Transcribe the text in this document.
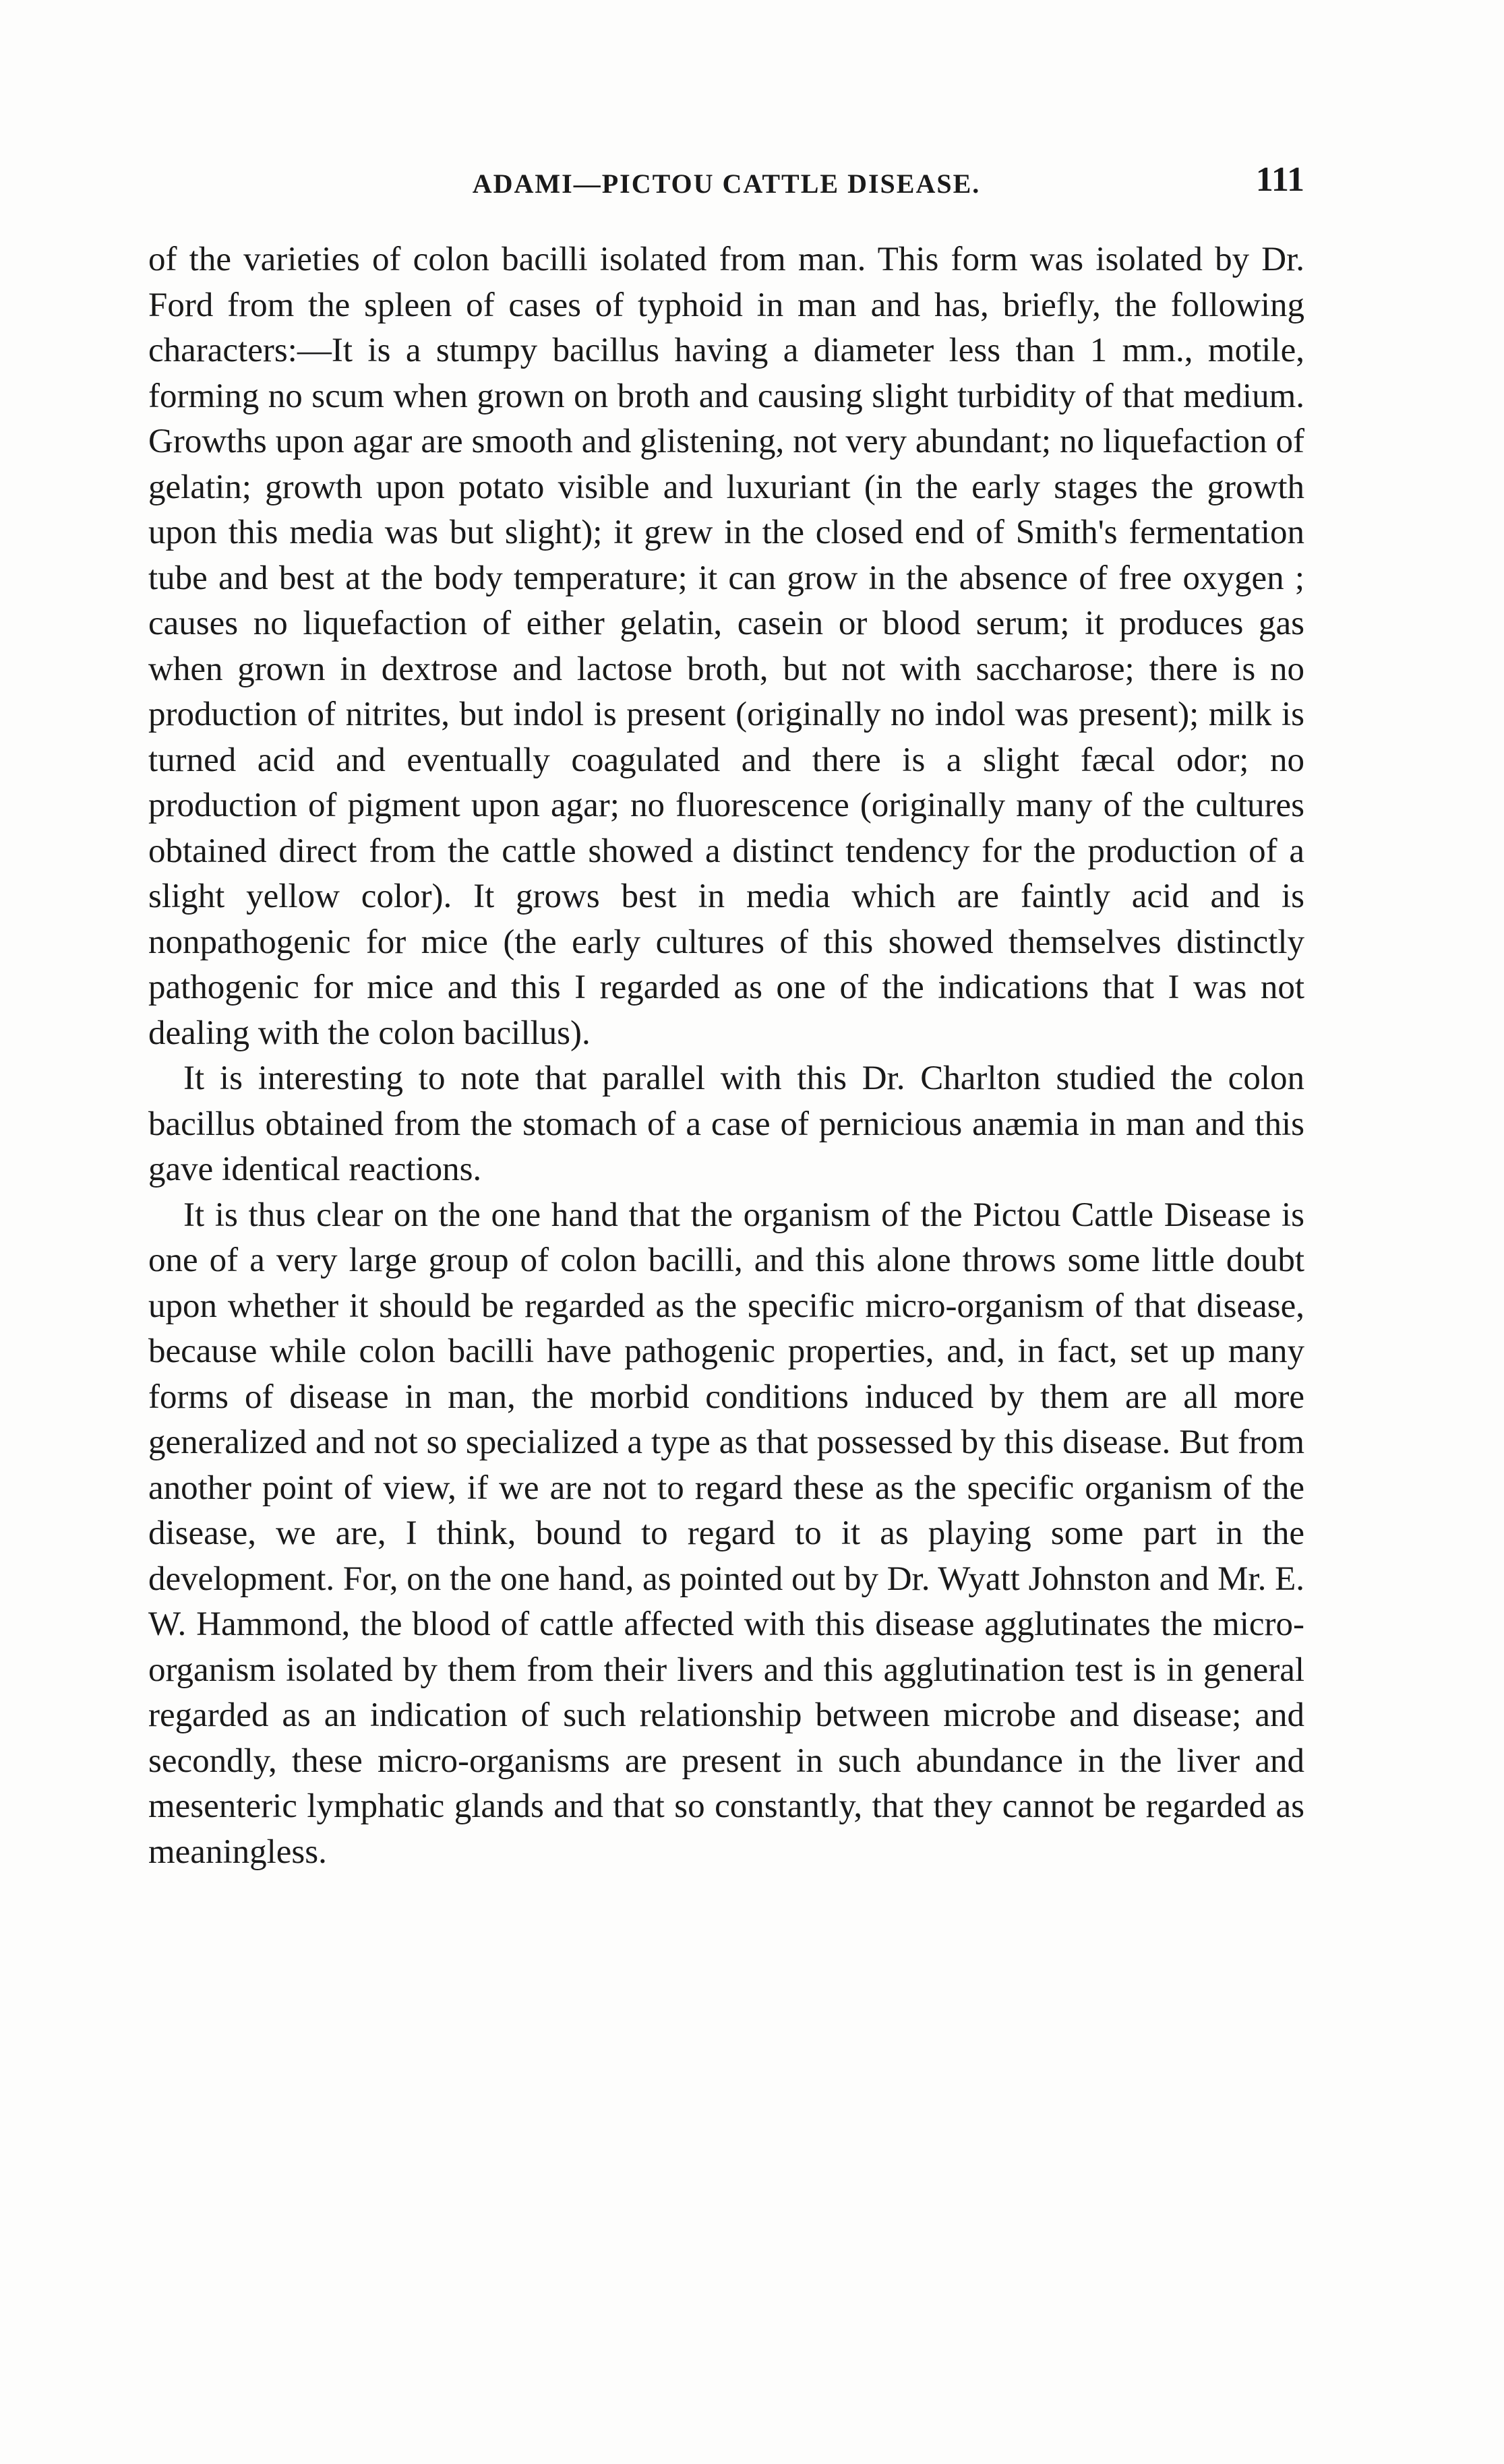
ADAMI—PICTOU CATTLE DISEASE.	111

of the varieties of colon bacilli isolated from man. This form was isolated by Dr. Ford from the spleen of cases of typhoid in man and has, briefly, the following characters:—It is a stumpy bacillus having a diameter less than 1 mm., motile, forming no scum when grown on broth and causing slight turbidity of that medium. Growths upon agar are smooth and glistening, not very abundant; no liquefaction of gelatin; growth upon potato visible and luxuriant (in the early stages the growth upon this media was but slight); it grew in the closed end of Smith's fermentation tube and best at the body temperature; it can grow in the absence of free oxygen ; causes no liquefaction of either gelatin, casein or blood serum; it produces gas when grown in dextrose and lactose broth, but not with saccharose; there is no production of nitrites, but indol is present (originally no indol was present); milk is turned acid and eventually coagulated and there is a slight fæcal odor; no production of pigment upon agar; no fluorescence (originally many of the cultures obtained direct from the cattle showed a distinct tendency for the production of a slight yellow color). It grows best in media which are faintly acid and is nonpathogenic for mice (the early cultures of this showed themselves distinctly pathogenic for mice and this I regarded as one of the indications that I was not dealing with the colon bacillus).

It is interesting to note that parallel with this Dr. Charlton studied the colon bacillus obtained from the stomach of a case of pernicious anæmia in man and this gave identical reactions.

It is thus clear on the one hand that the organism of the Pictou Cattle Disease is one of a very large group of colon bacilli, and this alone throws some little doubt upon whether it should be regarded as the specific micro-organism of that disease, because while colon bacilli have pathogenic properties, and, in fact, set up many forms of disease in man, the morbid conditions induced by them are all more generalized and not so specialized a type as that possessed by this disease. But from another point of view, if we are not to regard these as the specific organism of the disease, we are, I think, bound to regard to it as playing some part in the development. For, on the one hand, as pointed out by Dr. Wyatt Johnston and Mr. E. W. Hammond, the blood of cattle affected with this disease agglutinates the micro-organism isolated by them from their livers and this agglutination test is in general regarded as an indication of such relationship between microbe and disease; and secondly, these micro-organisms are present in such abundance in the liver and mesenteric lymphatic glands and that so constantly, that they cannot be regarded as meaningless.
